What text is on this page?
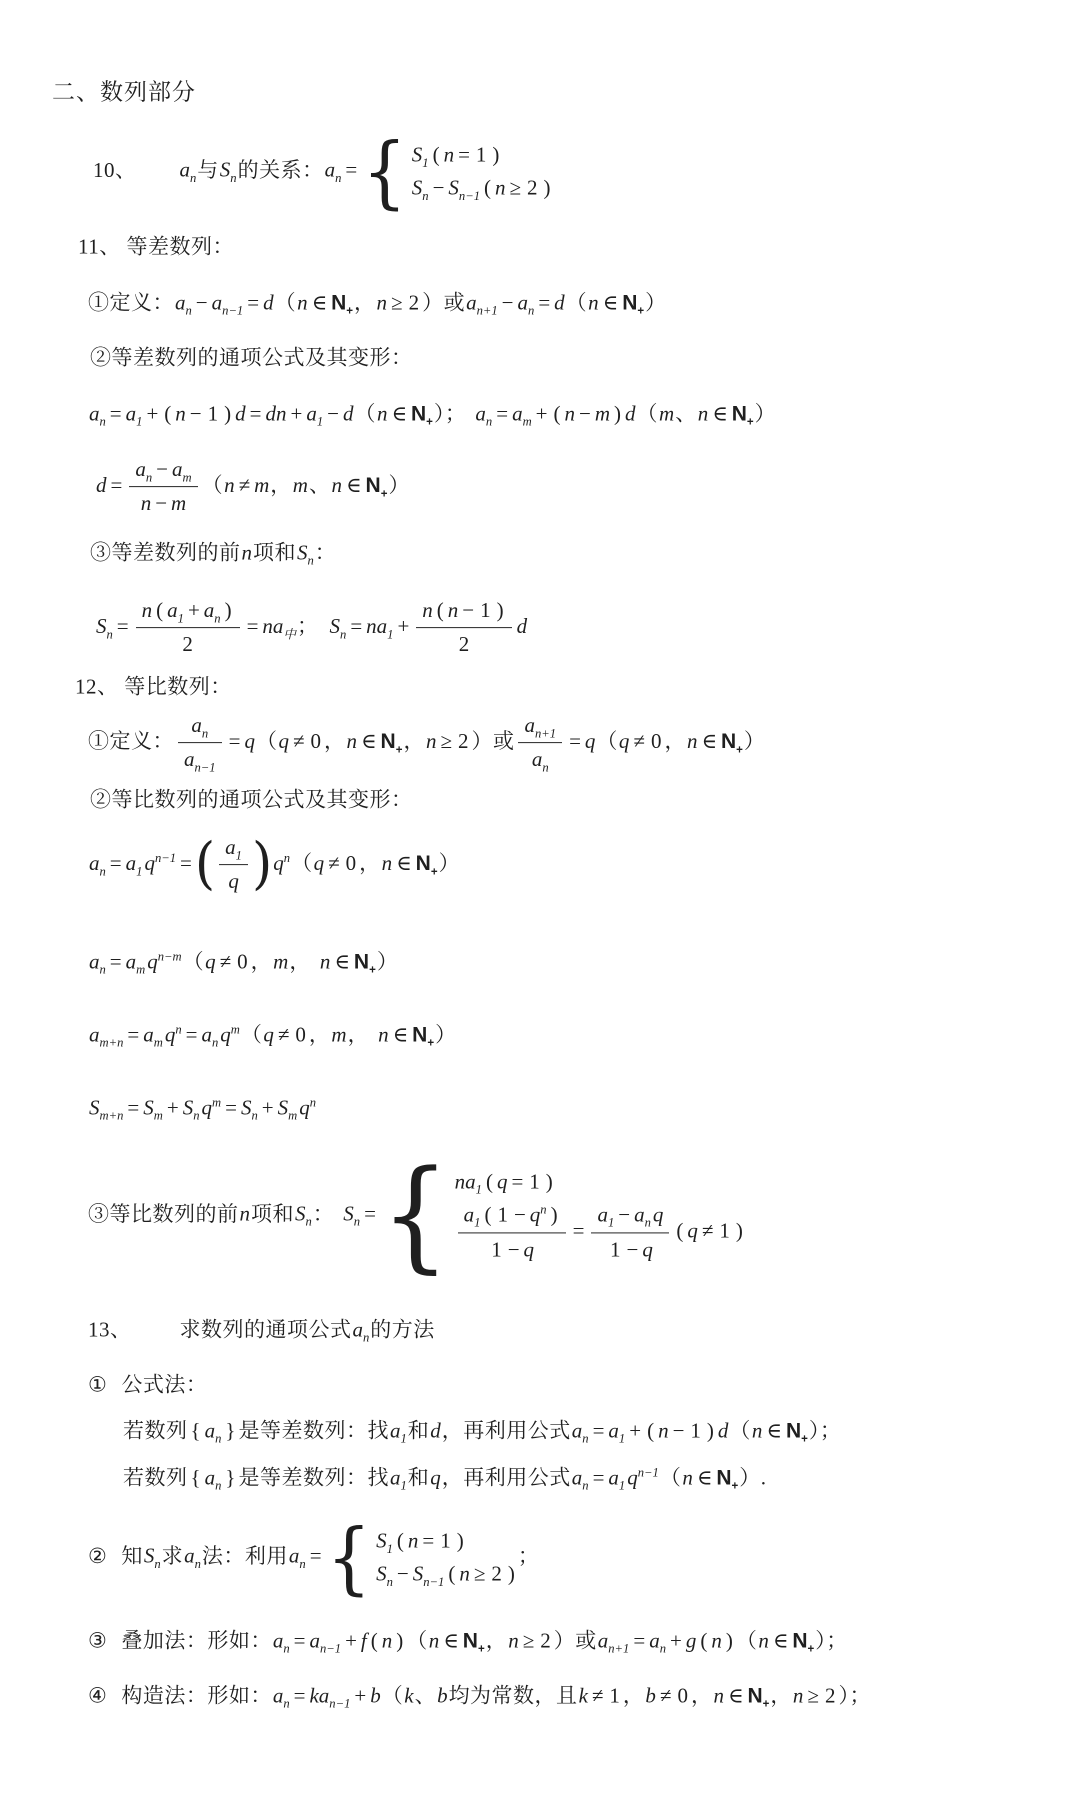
二、数列部分
10、 $a_n$与$S_n$的关系：$a_n$ = { $S_1$ ( n = 1 )
$S_n - S_{n-1}$ ( n ≥ 2 )
11、 等差数列：
①定义：$a_n - a_{n-1} = d(n$ ∈ $N_+$，n ≥ 2 ）或$a_{n+1} - a_n = d(n$ ∈ $N_+$）
②等差数列的通项公式及其变形：
$a_n = a_1$ + ( n − 1 ) d = dn + $a_1 - d(n$ ∈ $N_+$）； $a_n = a_m$ + ( n − m ) d（m、n ∈ $N_+$）
$d = \frac{a_n - a_m}{n - m} (n \ne m$，m、n ∈ $N_+$）
③等差数列的前n项和$S_n$：
$S_n = \frac{n ( a_1 + a_n )}{2} = na_中$； $S_n = na_1 + \frac{n ( n - 1 )}{2}$ d
12、 等比数列：
①定义： $\frac{a_n}{a_{n-1}} = q(q \ne 0$ ，n ∈ $N_+$，n ≥ 2 ）或 $\frac{a_{n+1}}{a_n} = q(q \ne 0$ ，n ∈ $N_+$）
②等比数列的通项公式及其变形：
$a_n = a_1q^{n-1}$ = ( $\frac{a_1}{q}$ ) $q^n(q \ne 0$ ，n ∈ $N_+$）
$a_n = a_mq^{n-m}(q \ne 0$ ，m， n ∈ $N_+$）
$a_{m+n} = a_mq^n = a_nq^m(q \ne 0$ ，m， n ∈ $N_+$）
$S_{m+n} = S_m + S_nq^m = S_n + S_mq^n$
③等比数列的前n项和$S_n$： $S_n$ = { $na_1$ ( q = 1 )
$\frac{a_1 ( 1 - q^n )}{1 - q} = \frac{a_1 - a_nq}{1 - q}$ ( q ≠ 1 )
13、 求数列的通项公式$a_n$的方法
① 公式法：
若数列 { $a_n$ } 是等差数列：找$a_1$和d，再利用公式$a_n = a_1$ + ( n − 1 ) d（n ∈ $N_+$）；
若数列 { $a_n$ } 是等差数列：找$a_1$和q，再利用公式$a_n = a_1q^{n-1}(n$ ∈ $N_+$）.
② 知$S_n$求$a_n$法：利用$a_n$ = { $S_1$ ( n = 1 )
$S_n - S_{n-1}$ ( n ≥ 2 )
；
③ 叠加法：形如：$a_n = a_{n-1} + f$ ( n ) （n ∈ $N_+$，n ≥ 2 ）或$a_{n+1} = a_n + g$ ( n ) （n ∈ $N_+$）；
④ 构造法：形如：$a_n = ka_{n-1} + b(k$、b均为常数，且k ≠ 1 ，b ≠ 0 ，n ∈ $N_+$，n ≥ 2 ）；
